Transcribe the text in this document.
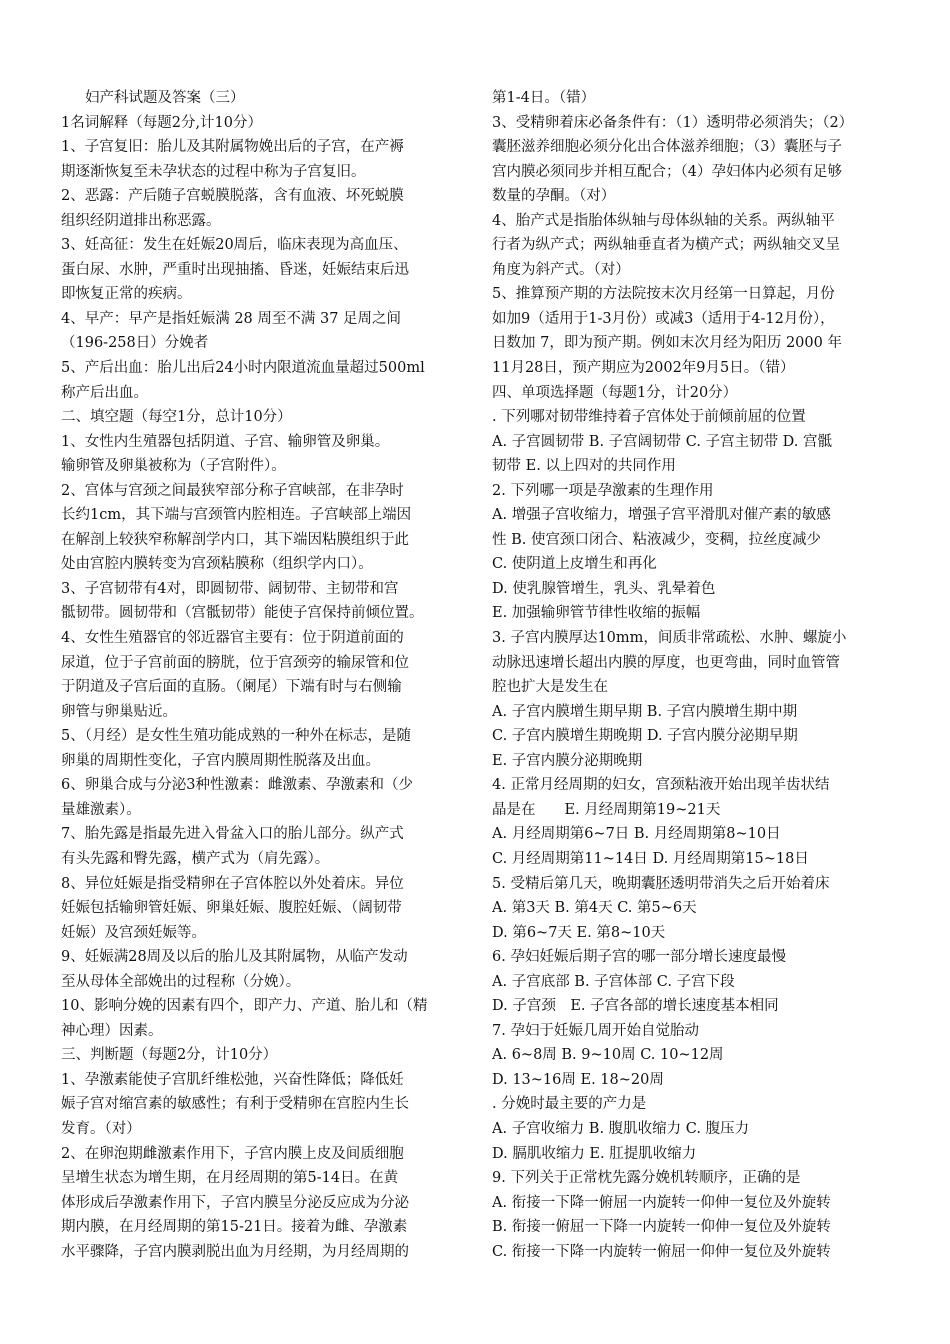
妇产科试题及答案（三）
1名词解释（每题2分,计10分）
1、子宫复旧：胎儿及其附属物娩出后的子宫，在产褥
期逐渐恢复至未孕状态的过程中称为子宫复旧。
2、恶露：产后随子宫蜕膜脱落，含有血液、坏死蜕膜
组织经阴道排出称恶露。
3、妊高征：发生在妊娠20周后，临床表现为高血压、
蛋白尿、水肿，严重时出现抽搐、昏迷，妊娠结束后迅
即恢复正常的疾病。
4、早产：早产是指妊娠满 28 周至不满 37 足周之间
（196-258日）分娩者
5、产后出血：胎儿出后24小时内限道流血量超过500ml
称产后出血。
二、填空题（每空1分，总计10分）
1、女性内生殖器包括阴道、子宫、输卵管及卵巢。
输卵管及卵巢被称为（子宫附件）。
2、宫体与宫颈之间最狭窄部分称子宫峡部，在非孕时
长约1cm，其下端与宫颈管内腔相连。子宫峡部上端因
在解剖上较狭窄称解剖学内口，其下端因粘膜组织于此
处由宫腔内膜转变为宫颈粘膜称（组织学内口）。
3、子宫韧带有4对，即圆韧带、阔韧带、主韧带和宫
骶韧带。圆韧带和（宫骶韧带）能使子宫保持前倾位置。
4、女性生殖器官的邻近器官主要有：位于阴道前面的
尿道，位于子宫前面的膀胱，位于宫颈旁的输尿管和位
于阴道及子宫后面的直肠。（阑尾）下端有时与右侧输
卵管与卵巢贴近。
5、（月经）是女性生殖功能成熟的一种外在标志，是随
卵巢的周期性变化，子宫内膜周期性脱落及出血。
6、卵巢合成与分泌3种性激素：雌激素、孕激素和（少
量雄激素）。
7、胎先露是指最先进入骨盆入口的胎儿部分。纵产式
有头先露和臀先露，横产式为（肩先露）。
8、异位妊娠是指受精卵在子宫体腔以外处着床。异位
妊娠包括输卵管妊娠、卵巢妊娠、腹腔妊娠、（阔韧带
妊娠）及宫颈妊娠等。
9、妊娠满28周及以后的胎儿及其附属物，从临产发动
至从母体全部娩出的过程称（分娩）。
10、影响分娩的因素有四个，即产力、产道、胎儿和（精
神心理）因素。
三、判断题（每题2分，计10分）
1、孕激素能使子宫肌纤维松弛，兴奋性降低；降低妊
娠子宫对缩宫素的敏感性；有利于受精卵在宫腔内生长
发育。（对）
2、在卵泡期雌激素作用下，子宫内膜上皮及间质细胞
呈增生状态为增生期，在月经周期的第5-14日。在黄
体形成后孕激素作用下，子宫内膜呈分泌反应成为分泌
期内膜，在月经周期的第15-21日。接着为雌、孕激素
水平骤降，子宫内膜剥脱出血为月经期，为月经周期的
第1-4日。（错）
3、受精卵着床必备条件有：（1）透明带必须消失；（2）
囊胚滋养细胞必须分化出合体滋养细胞；（3）囊胚与子
宫内膜必须同步并相互配合；（4）孕妇体内必须有足够
数量的孕酮。（对）
4、胎产式是指胎体纵轴与母体纵轴的关系。两纵轴平
行者为纵产式；两纵轴垂直者为横产式；两纵轴交叉呈
角度为斜产式。（对）
5、推算预产期的方法院按末次月经第一日算起，月份
如加9（适用于1-3月份）或减3（适用于4-12月份），
日数加 7，即为预产期。例如末次月经为阳历 2000 年
11月28日，预产期应为2002年9月5日。（错）
四、单项选择题（每题1分，计20分）
. 下列哪对韧带维持着子宫体处于前倾前屈的位置
A. 子宫圆韧带 B. 子宫阔韧带 C. 子宫主韧带 D. 宫骶
韧带 E. 以上四对的共同作用
2. 下列哪一项是孕激素的生理作用
A. 增强子宫收缩力，增强子宫平滑肌对催产素的敏感
性 B. 使宫颈口闭合、粘液减少，变稠，拉丝度减少
C. 使阴道上皮增生和再化
D. 使乳腺管增生，乳头、乳晕着色
E. 加强输卵管节律性收缩的振幅
3. 子宫内膜厚达10mm，间质非常疏松、水肿、螺旋小
动脉迅速增长超出内膜的厚度，也更弯曲，同时血管管
腔也扩大是发生在
A. 子宫内膜增生期早期 B. 子宫内膜增生期中期
C. 子宫内膜增生期晚期 D. 子宫内膜分泌期早期
E. 子宫内膜分泌期晚期
4. 正常月经周期的妇女，宫颈粘液开始出现羊齿状结
晶是在　　E. 月经周期第19~21天
A. 月经周期第6~7日 B. 月经周期第8~10日
C. 月经周期第11~14日 D. 月经周期第15~18日
5. 受精后第几天，晚期囊胚透明带消失之后开始着床
A. 第3天 B. 第4天 C. 第5~6天
D. 第6~7天 E. 第8~10天
6. 孕妇妊娠后期子宫的哪一部分增长速度最慢
A. 子宫底部 B. 子宫体部 C. 子宫下段
D. 子宫颈　E. 子宫各部的增长速度基本相同
7. 孕妇于妊娠几周开始自觉胎动
A. 6~8周 B. 9~10周 C. 10~12周
D. 13~16周 E. 18~20周
. 分娩时最主要的产力是
A. 子宫收缩力 B. 腹肌收缩力 C. 腹压力
D. 膈肌收缩力 E. 肛提肌收缩力
9. 下列关于正常枕先露分娩机转顺序，正确的是
A. 衔接一下降一俯屈一内旋转一仰伸一复位及外旋转
B. 衔接一俯屈一下降一内旋转一仰伸一复位及外旋转
C. 衔接一下降一内旋转一俯屈一仰伸一复位及外旋转
